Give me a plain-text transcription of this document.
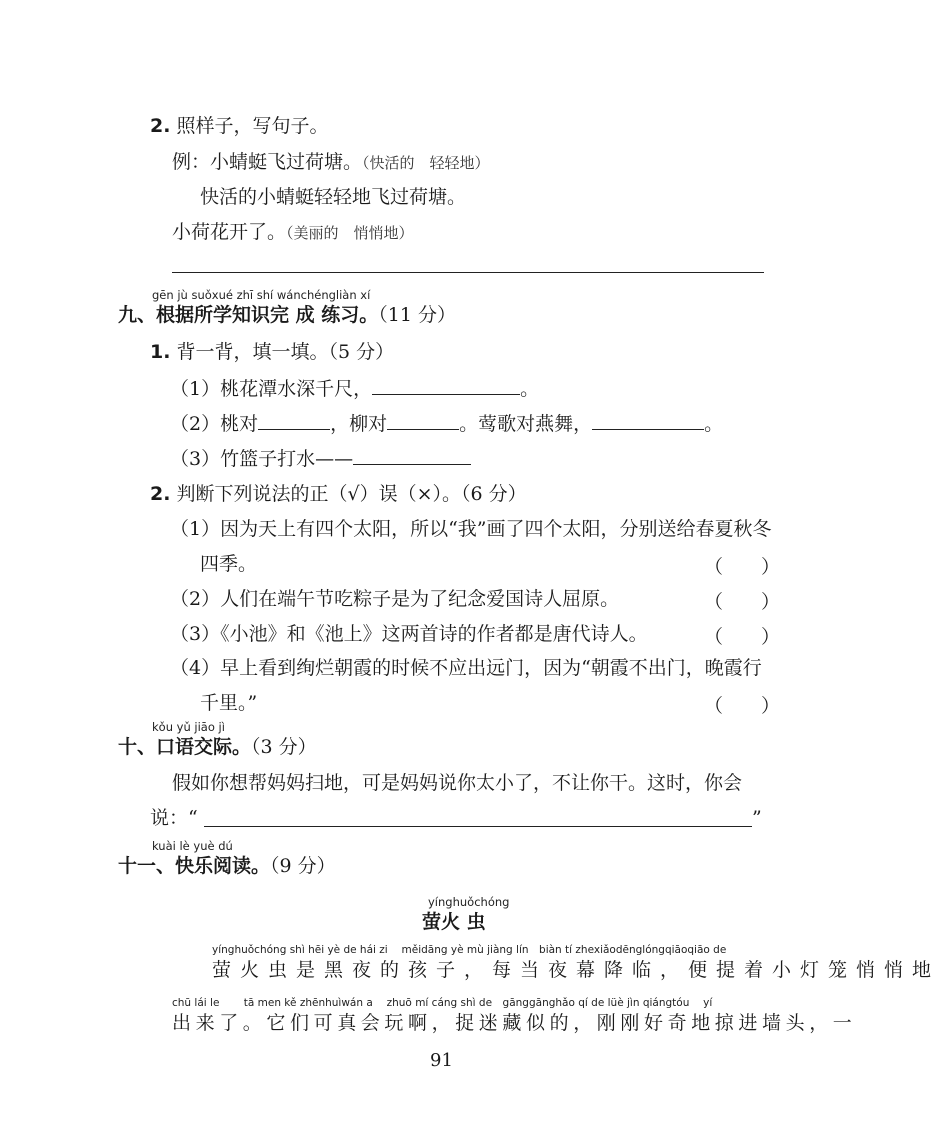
2. 照样子，写句子。
例：小蜻蜓飞过荷塘。（快活的　轻轻地）
快活的小蜻蜓轻轻地飞过荷塘。
小荷花开了。（美丽的　悄悄地）
gēn jù suǒxué zhī shí wánchéngliàn xí
九、根据所学知识完 成 练习。（11 分）
1. 背一背，填一填。（5 分）
（1）桃花潭水深千尺，	。
（2）桃对	，柳对	。莺歌对燕舞，	。
（3）竹篮子打水——
2. 判断下列说法的正（√）误（×）。（6 分）
（1）因为天上有四个太阳，所以“我”画了四个太阳，分别送给春夏秋冬
四季。	（　　）
（2）人们在端午节吃粽子是为了纪念爱国诗人屈原。	（　　）
（3）《小池》和《池上》这两首诗的作者都是唐代诗人。	（　　）
（4）早上看到绚烂朝霞的时候不应出远门，因为“朝霞不出门，晚霞行
千里。”	（　　）
kǒu yǔ jiāo jì
十、口语交际。（3 分）
假如你想帮妈妈扫地，可是妈妈说你太小了，不让你干。这时，你会
说：“	”
kuài lè yuè dú
十一、快乐阅读。（9 分）
yínghuǒchóng
萤火 虫
yínghuǒchóng shì hēi yè de hái zi　 měidāng yè mù jiàng lín　biàn tí zhexiǎodēnglóngqiāoqiāo de
萤火虫是黑夜的孩子，每当夜幕降临，便提着小灯笼悄悄地
chū lái le　　 tā men kě zhēnhuìwán a　 zhuō mí cáng shì de　gānggānghǎo qí de lüè jìn qiángtóu　 yí
出来了。它们可真会玩啊，捉迷藏似的，刚刚好奇地掠进墙头，一
91
